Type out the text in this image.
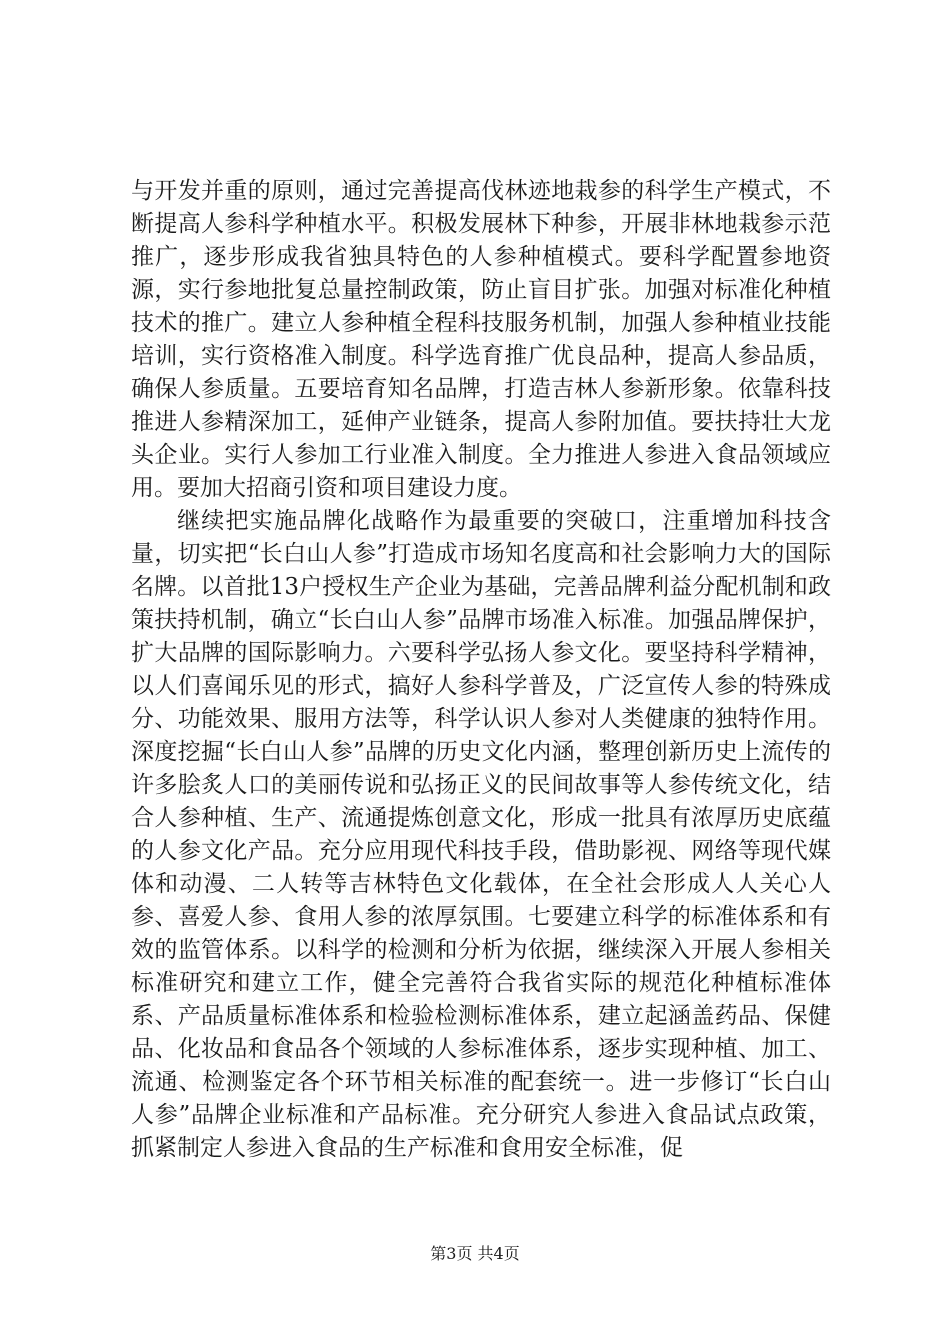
与开发并重的原则，通过完善提高伐林迹地栽参的科学生产模式，不断提高人参科学种植水平。积极发展林下种参，开展非林地栽参示范推广，逐步形成我省独具特色的人参种植模式。要科学配置参地资源，实行参地批复总量控制政策，防止盲目扩张。加强对标准化种植技术的推广。建立人参种植全程科技服务机制，加强人参种植业技能培训，实行资格准入制度。科学选育推广优良品种，提高人参品质，确保人参质量。五要培育知名品牌，打造吉林人参新形象。依靠科技推进人参精深加工，延伸产业链条，提高人参附加值。要扶持壮大龙头企业。实行人参加工行业准入制度。全力推进人参进入食品领域应用。要加大招商引资和项目建设力度。

继续把实施品牌化战略作为最重要的突破口，注重增加科技含量，切实把“长白山人参”打造成市场知名度高和社会影响力大的国际名牌。以首批13户授权生产企业为基础，完善品牌利益分配机制和政策扶持机制，确立“长白山人参”品牌市场准入标准。加强品牌保护，扩大品牌的国际影响力。六要科学弘扬人参文化。要坚持科学精神，以人们喜闻乐见的形式，搞好人参科学普及，广泛宣传人参的特殊成分、功能效果、服用方法等，科学认识人参对人类健康的独特作用。深度挖掘“长白山人参”品牌的历史文化内涵，整理创新历史上流传的许多脍炙人口的美丽传说和弘扬正义的民间故事等人参传统文化，结合人参种植、生产、流通提炼创意文化，形成一批具有浓厚历史底蕴的人参文化产品。充分应用现代科技手段，借助影视、网络等现代媒体和动漫、二人转等吉林特色文化载体，在全社会形成人人关心人参、喜爱人参、食用人参的浓厚氛围。七要建立科学的标准体系和有效的监管体系。以科学的检测和分析为依据，继续深入开展人参相关标准研究和建立工作，健全完善符合我省实际的规范化种植标准体系、产品质量标准体系和检验检测标准体系，建立起涵盖药品、保健品、化妆品和食品各个领域的人参标准体系，逐步实现种植、加工、流通、检测鉴定各个环节相关标准的配套统一。进一步修订“长白山人参”品牌企业标准和产品标准。充分研究人参进入食品试点政策，抓紧制定人参进入食品的生产标准和食用安全标准，促

第3页 共4页
